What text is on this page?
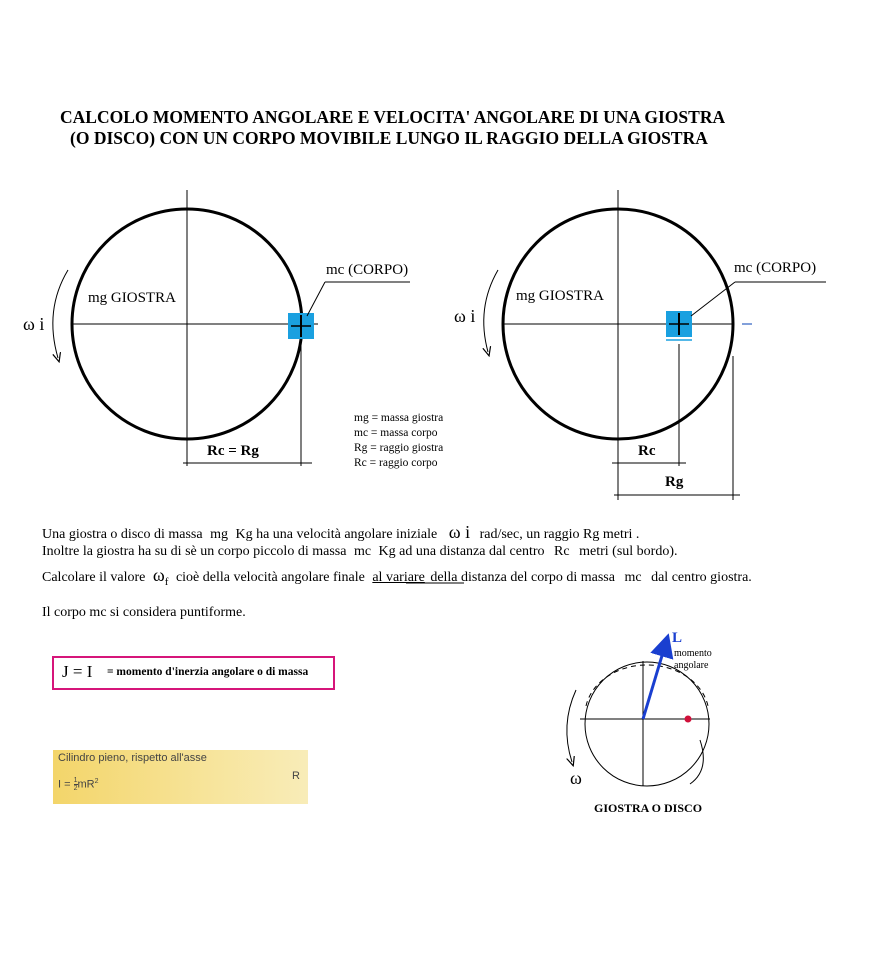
CALCOLO MOMENTO ANGOLARE E VELOCITA' ANGOLARE DI UNA GIOSTRA
(O DISCO) CON UN CORPO MOVIBILE LUNGO IL RAGGIO DELLA GIOSTRA
ω i
mg GIOSTRA
mc (CORPO)
Rc = Rg
ω i
mg GIOSTRA
mc (CORPO)
Rc
Rg
mg = massa giostra
mc = massa corpo
Rg = raggio giostra
Rc = raggio corpo
Una giostra o disco di massa mg Kg ha una velocità angolare iniziale ω i rad/sec, un raggio Rg metri .
Inoltre la giostra ha su di sè un corpo piccolo di massa mc Kg ad una distanza dal centro Rc metri (sul bordo).
Calcolare il valore $\omega_f$ cioè della velocità angolare finale al variare della distanza del corpo di massa mc dal centro giostra.
Il corpo mc si considera puntiforme.
J = I = momento d'inerzia angolare o di massa
Cilindro pieno, rispetto all'asse
$I = \frac{1}{2} mR^2$	R
L
momento
angolare
ω
GIOSTRA O DISCO
